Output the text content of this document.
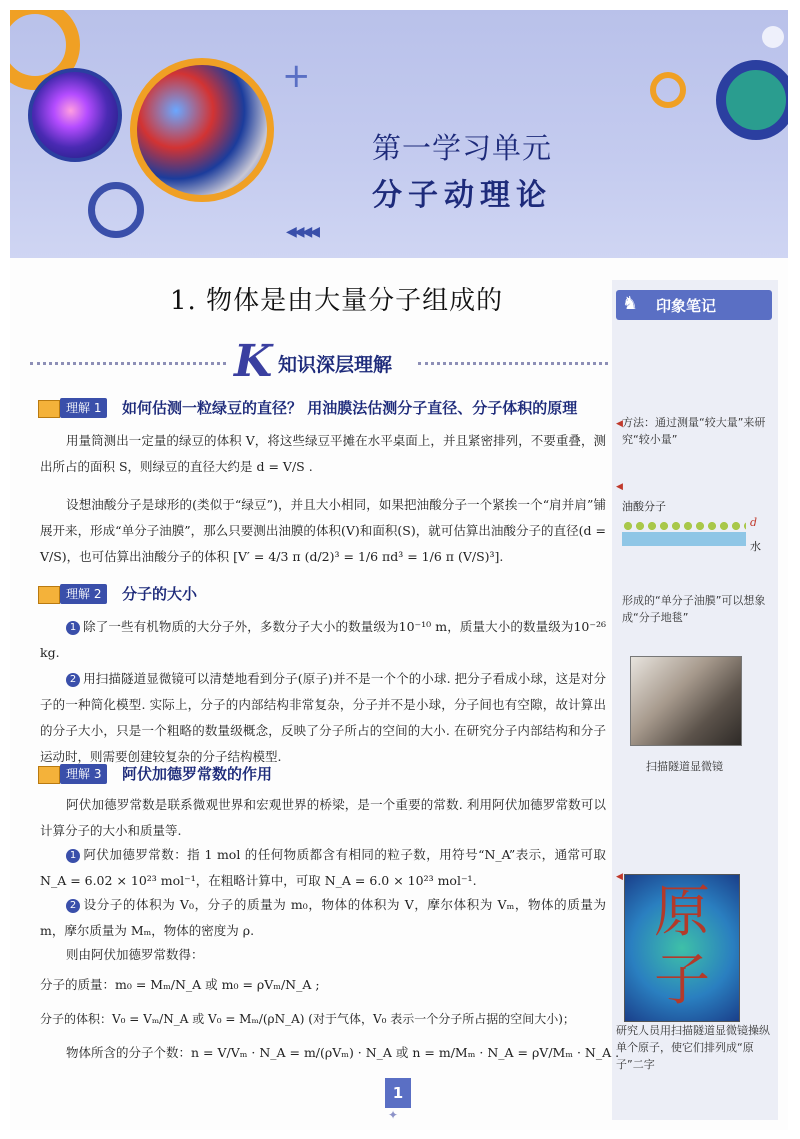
+
第一学习单元
分子动理论
◀◀◀◀
♞ 印象笔记
◀ 方法：通过测量“较大量”来研究“较小量”
◀
油酸分子
d
水
形成的“单分子油膜”可以想象成“分子地毯”
扫描隧道显微镜
◀
原子
研究人员用扫描隧道显微镜操纵单个原子，使它们排列成“原子”二字
1. 物体是由大量分子组成的
K 知识深层理解
理解 1	如何估测一粒绿豆的直径？ 用油膜法估测分子直径、分子体积的原理
用量筒测出一定量的绿豆的体积 V，将这些绿豆平摊在水平桌面上，并且紧密排列，不要重叠，测出所占的面积 S，则绿豆的直径大约是 d = V/S .
设想油酸分子是球形的(类似于“绿豆”)，并且大小相同，如果把油酸分子一个紧挨一个“肩并肩”铺展开来，形成“单分子油膜”，那么只要测出油膜的体积(V)和面积(S)，就可估算出油酸分子的直径(d = V/S)，也可估算出油酸分子的体积 [V′ = 4/3 π (d/2)³ = 1/6 πd³ = 1/6 π (V/S)³].
理解 2	分子的大小
1 除了一些有机物质的大分子外，多数分子大小的数量级为10⁻¹⁰ m，质量大小的数量级为10⁻²⁶ kg.
2 用扫描隧道显微镜可以清楚地看到分子(原子)并不是一个个的小球. 把分子看成小球，这是对分子的一种简化模型. 实际上，分子的内部结构非常复杂，分子并不是小球，分子间也有空隙，故计算出的分子大小，只是一个粗略的数量级概念，反映了分子所占的空间的大小. 在研究分子内部结构和分子运动时，则需要创建较复杂的分子结构模型.
理解 3	阿伏加德罗常数的作用
阿伏加德罗常数是联系微观世界和宏观世界的桥梁，是一个重要的常数. 利用阿伏加德罗常数可以计算分子的大小和质量等.
1 阿伏加德罗常数：指 1 mol 的任何物质都含有相同的粒子数，用符号“N_A”表示，通常可取 N_A = 6.02 × 10²³ mol⁻¹，在粗略计算中，可取 N_A = 6.0 × 10²³ mol⁻¹.
2 设分子的体积为 V₀，分子的质量为 m₀，物体的体积为 V，摩尔体积为 Vₘ，物体的质量为 m，摩尔质量为 Mₘ，物体的密度为 ρ.
则由阿伏加德罗常数得：
分子的质量：m₀ = Mₘ/N_A 或 m₀ = ρVₘ/N_A ;
分子的体积：V₀ = Vₘ/N_A 或 V₀ = Mₘ/(ρN_A) (对于气体，V₀ 表示一个分子所占据的空间大小)；
物体所含的分子个数：n = V/Vₘ · N_A = m/(ρVₘ) · N_A 或 n = m/Mₘ · N_A = ρV/Mₘ · N_A .
1
✦
